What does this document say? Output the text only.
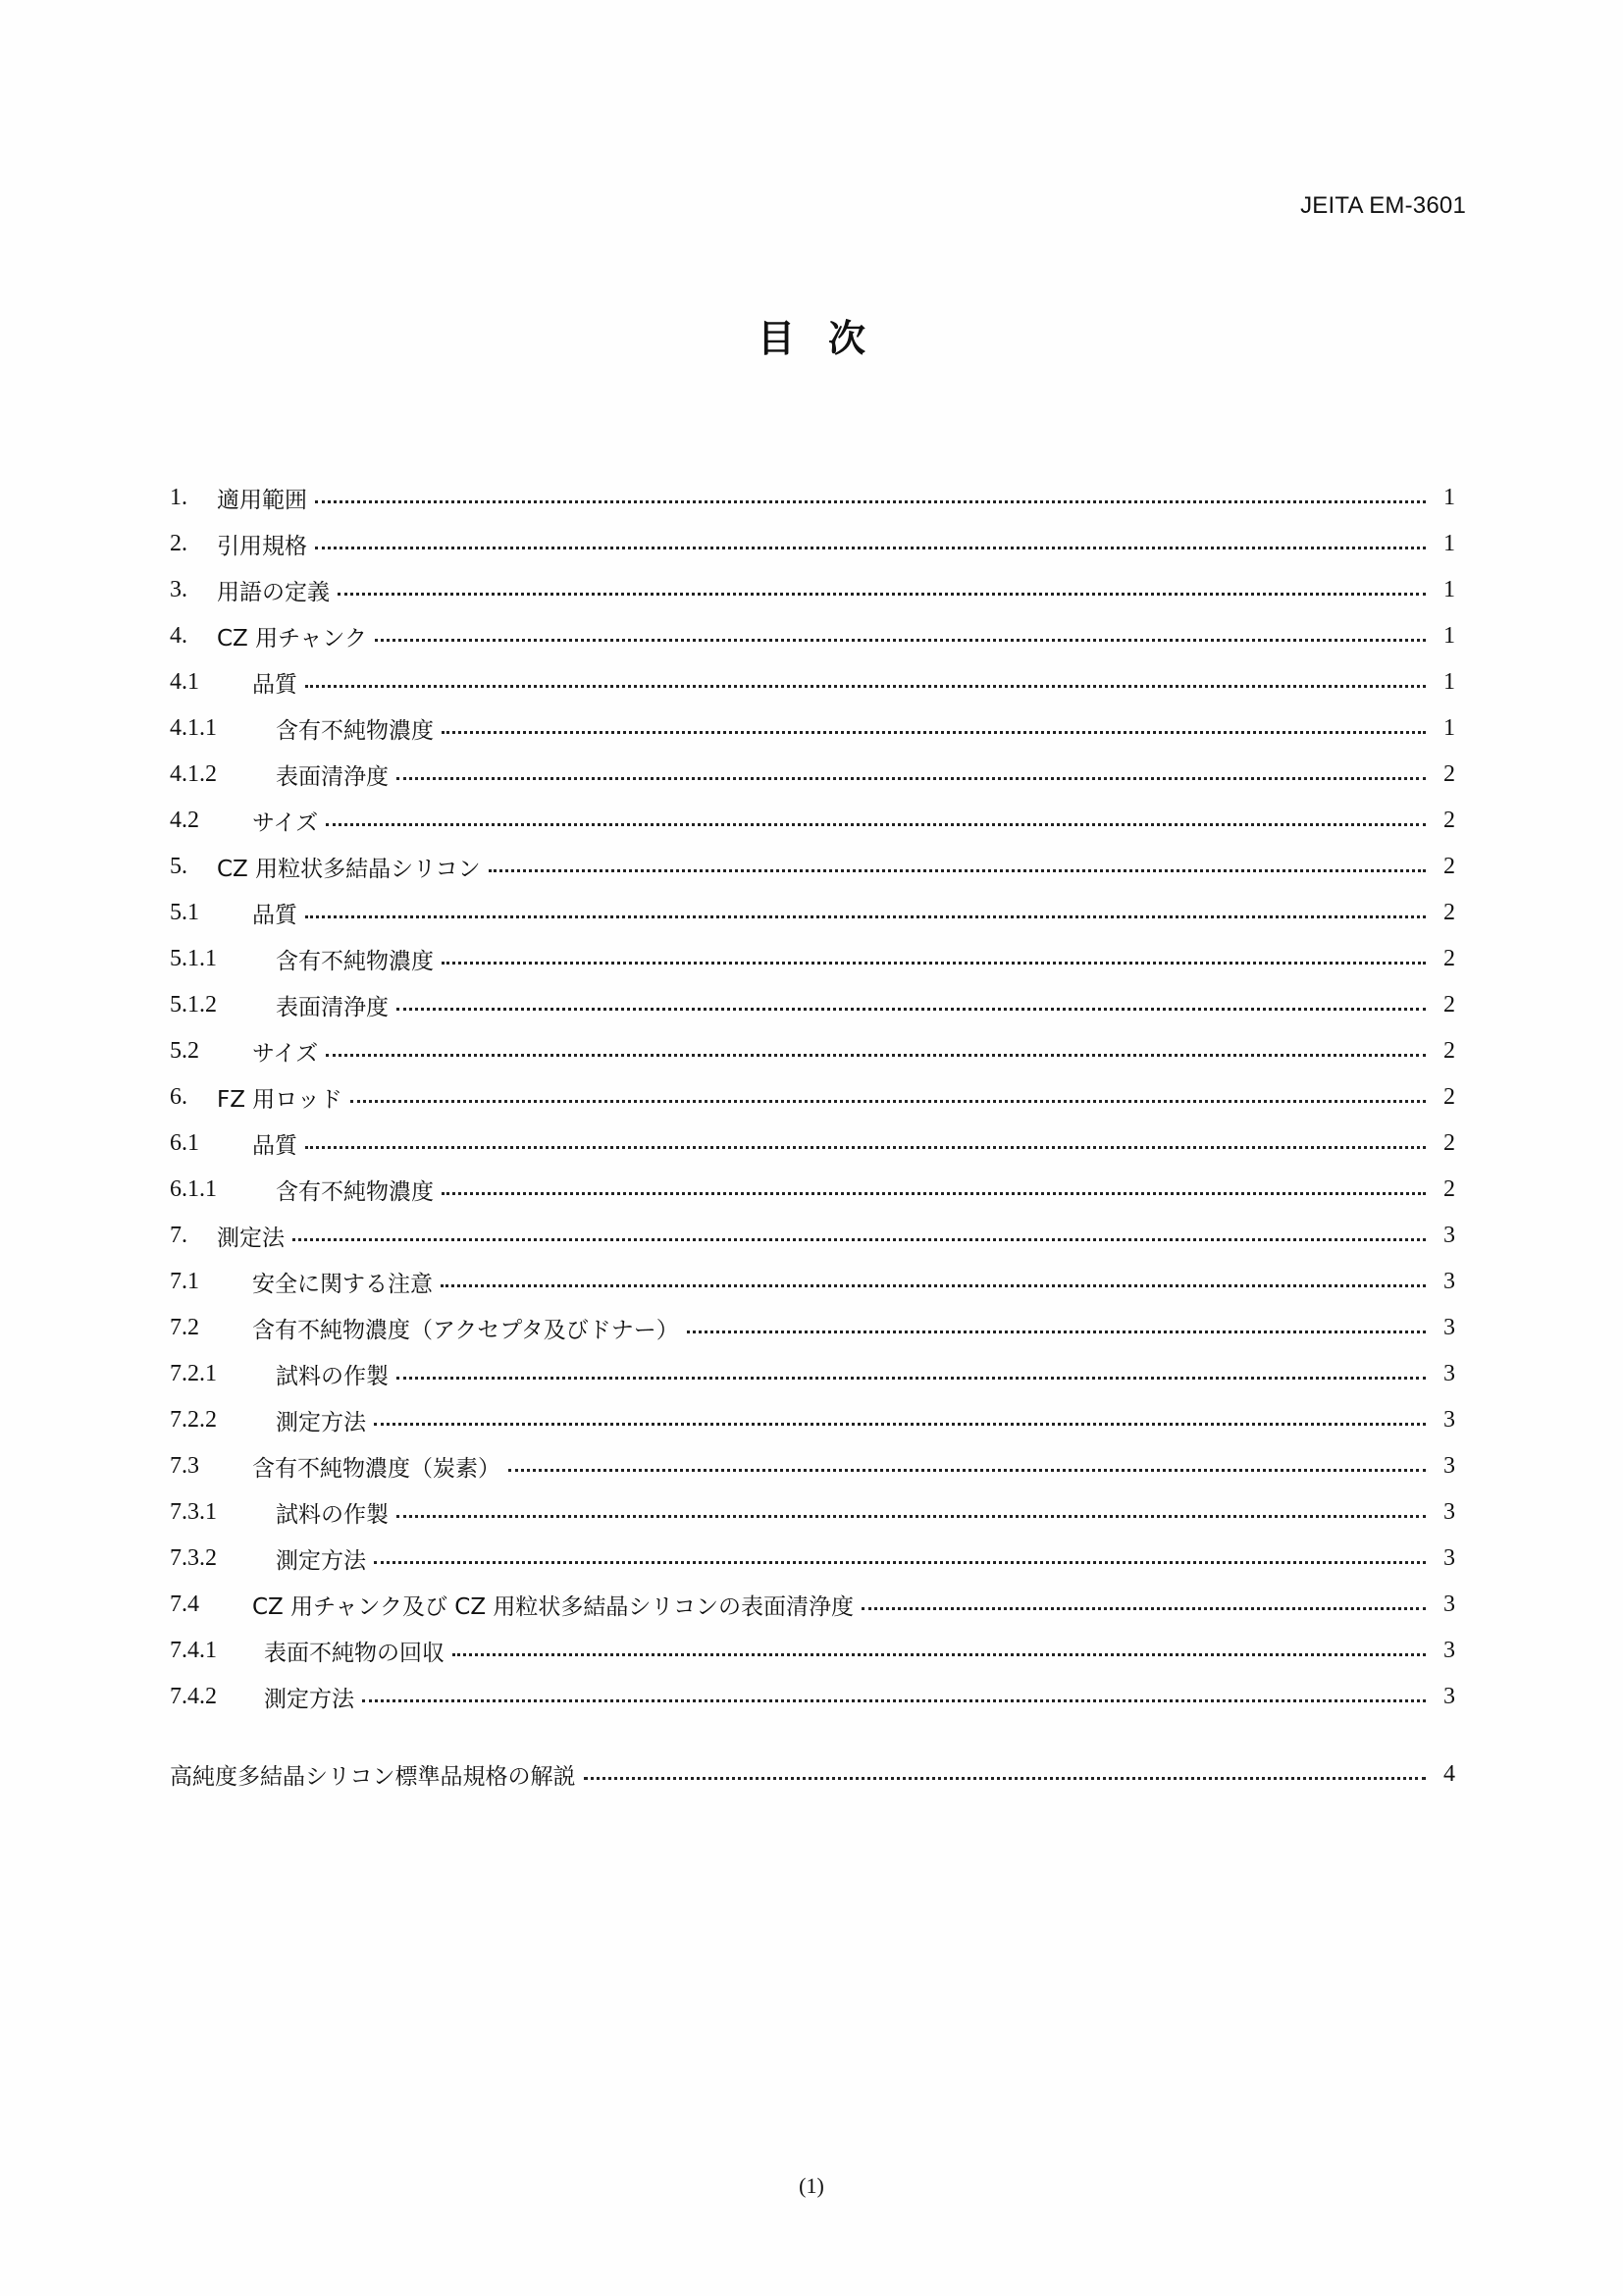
JEITA EM-3601
目次
1.	適用範囲	1
2.	引用規格	1
3.	用語の定義	1
4.	CZ 用チャンク	1
4.1	品質	1
4.1.1	含有不純物濃度	1
4.1.2	表面清浄度	2
4.2	サイズ	2
5.	CZ 用粒状多結晶シリコン	2
5.1	品質	2
5.1.1	含有不純物濃度	2
5.1.2	表面清浄度	2
5.2	サイズ	2
6.	FZ 用ロッド	2
6.1	品質	2
6.1.1	含有不純物濃度	2
7.	測定法	3
7.1	安全に関する注意	3
7.2	含有不純物濃度（アクセプタ及びドナー）	3
7.2.1	試料の作製	3
7.2.2	測定方法	3
7.3	含有不純物濃度（炭素）	3
7.3.1	試料の作製	3
7.3.2	測定方法	3
7.4	CZ 用チャンク及び CZ 用粒状多結晶シリコンの表面清浄度	3
7.4.1	表面不純物の回収	3
7.4.2	測定方法	3
高純度多結晶シリコン標準品規格の解説	4
(1)
